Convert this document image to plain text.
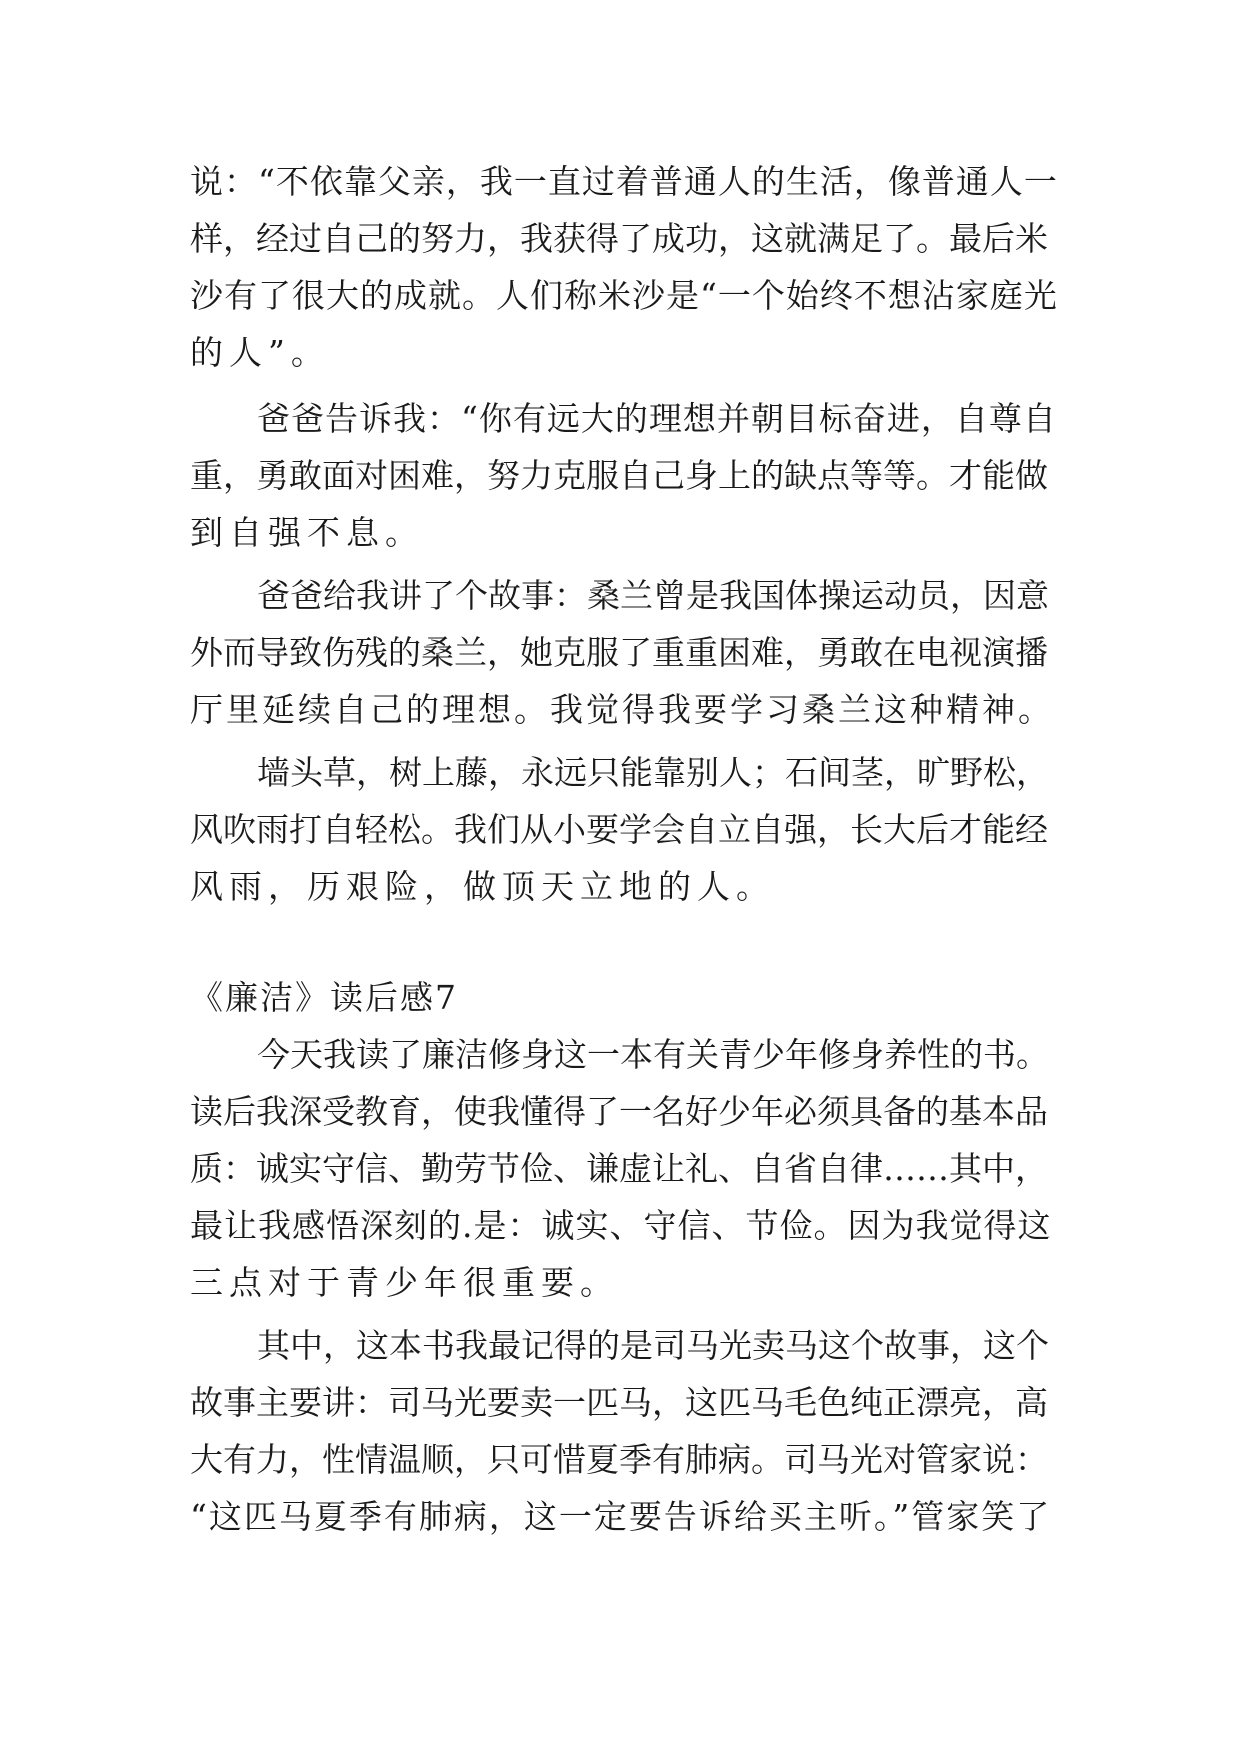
说：“不依靠父亲，我一直过着普通人的生活，像普通人一
样，经过自己的努力，我获得了成功，这就满足了。最后米
沙有了很大的成就。人们称米沙是“一个始终不想沾家庭光
的人”。
爸爸告诉我：“你有远大的理想并朝目标奋进，自尊自
重，勇敢面对困难，努力克服自己身上的缺点等等。才能做
到自强不息。
爸爸给我讲了个故事：桑兰曾是我国体操运动员，因意
外而导致伤残的桑兰，她克服了重重困难，勇敢在电视演播
厅里延续自己的理想。我觉得我要学习桑兰这种精神。
墙头草，树上藤，永远只能靠别人；石间茎，旷野松，
风吹雨打自轻松。我们从小要学会自立自强，长大后才能经
风雨，历艰险，做顶天立地的人。
《廉洁》读后感7
今天我读了廉洁修身这一本有关青少年修身养性的书。
读后我深受教育，使我懂得了一名好少年必须具备的基本品
质：诚实守信、勤劳节俭、谦虚让礼、自省自律……其中，
最让我感悟深刻的.是：诚实、守信、节俭。因为我觉得这
三点对于青少年很重要。
其中，这本书我最记得的是司马光卖马这个故事，这个
故事主要讲：司马光要卖一匹马，这匹马毛色纯正漂亮，高
大有力，性情温顺，只可惜夏季有肺病。司马光对管家说：
“这匹马夏季有肺病，这一定要告诉给买主听。”管家笑了
